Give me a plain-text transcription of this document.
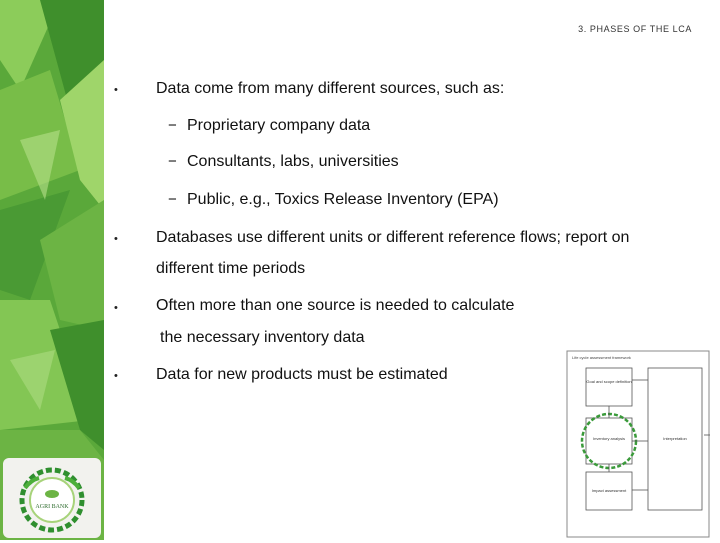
3. PHASES OF THE LCA
• Data come from many different sources, such as:
− Proprietary company data
− Consultants, labs, universities
− Public, e.g., Toxics Release Inventory (EPA)
• Databases use different units or different reference flows; report on
different time periods
• Often more than one source is needed to calculate
the necessary inventory data
• Data for new products must be estimated
AGRI BANK
Life cycle assessment framework
Goal and scope definition
Inventory analysis
Impact assessment
Interpretation
